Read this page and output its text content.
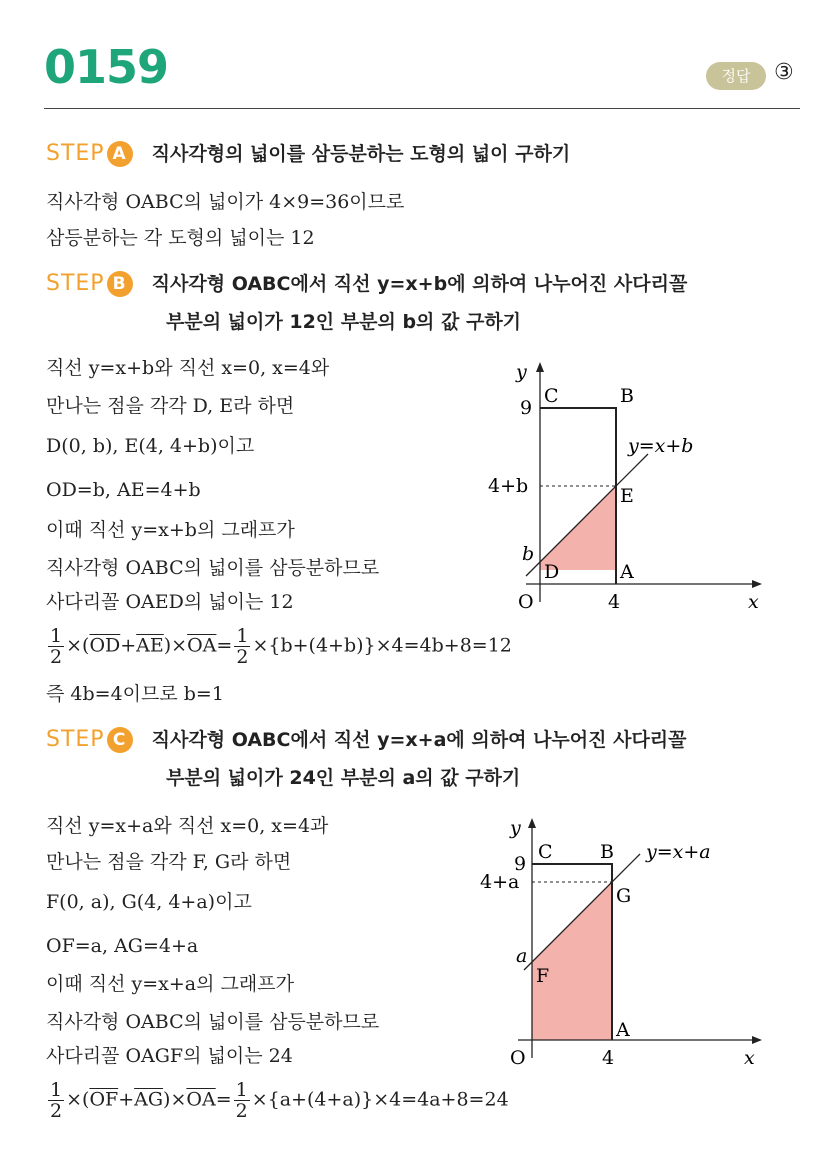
0159	정답	③
STEP A 직사각형의 넓이를 삼등분하는 도형의 넓이 구하기
직사각형 OABC의 넓이가 4×9=36이므로
삼등분하는 각 도형의 넓이는 12
STEP B 직사각형 OABC에서 직선 y=x+b에 의하여 나누어진 사다리꼴
부분의 넓이가 12인 부분의 b의 값 구하기
직선 y=x+b와 직선 x=0, x=4와
만나는 점을 각각 D, E라 하면
D(0, b), E(4, 4+b)이고
OD=b, AE=4+b
이때 직선 y=x+b의 그래프가
직사각형 OABC의 넓이를 삼등분하므로
사다리꼴 OAED의 넓이는 12
$\frac{1}{2} \times(\overline{OD}+\overline{AE})\times\overline{OA}= \frac{1}{2} \times\{b+(4+b)\}\times 4=4b+8=12$
즉 4b=4이므로 b=1
y
x
O	4
9
4+b
b
C	B
E
D	A
y=x+b
STEP C 직사각형 OABC에서 직선 y=x+a에 의하여 나누어진 사다리꼴
부분의 넓이가 24인 부분의 a의 값 구하기
직선 y=x+a와 직선 x=0, x=4과
만나는 점을 각각 F, G라 하면
F(0, a), G(4, 4+a)이고
OF=a, AG=4+a
이때 직선 y=x+a의 그래프가
직사각형 OABC의 넓이를 삼등분하므로
사다리꼴 OAGF의 넓이는 24
$\frac{1}{2} \times(\overline{OF}+\overline{AG})\times\overline{OA}= \frac{1}{2} \times\{a+(4+a)\}\times 4=4a+8=24$
y
x
O	4
9
4+a
a
C B
G
F
A
y=x+a
